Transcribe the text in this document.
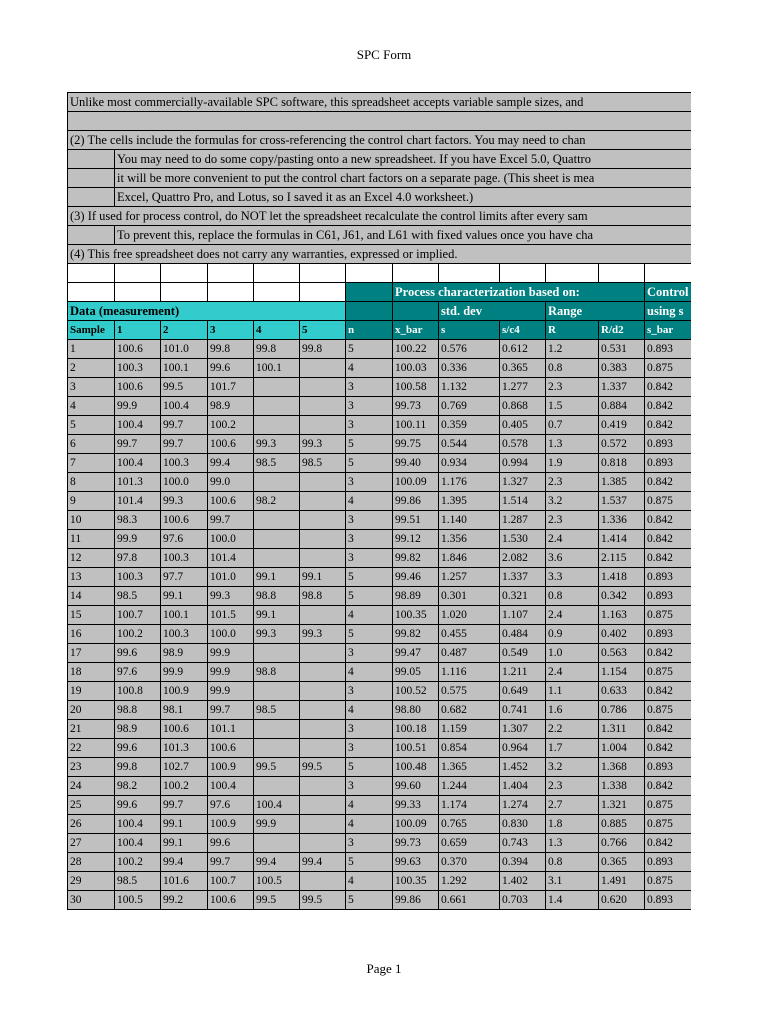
SPC Form
Unlike most commercially-available SPC software, this spreadsheet accepts variable sample sizes, and												

(2) The cells include the formulas for cross-referencing the control chart factors. You may need to chan												
	You may need to do some copy/pasting onto a new spreadsheet. If you have Excel 5.0, Quattro											
	it will be more convenient to put the control chart factors on a separate page. (This sheet is mea											
	Excel, Quattro Pro, and Lotus, so I saved it as an Excel 4.0 worksheet.)											
(3) If used for process control, do NOT let the spreadsheet recalculate the control limits after every sam												
	To prevent this, replace the formulas in C61, J61, and L61 with fixed values once you have cha											
(4) This free spreadsheet does not carry any warranties, expressed or implied.												

							Process characterization based on:					Control
Data (measurement)								std. dev		Range		using s
Sample	1	2	3	4	5	n	x_bar	s	s/c4	R	R/d2	s_bar
1	100.6	101.0	99.8	99.8	99.8	5	100.22	0.576	0.612	1.2	0.531	0.893
2	100.3	100.1	99.6	100.1		4	100.03	0.336	0.365	0.8	0.383	0.875
3	100.6	99.5	101.7			3	100.58	1.132	1.277	2.3	1.337	0.842
4	99.9	100.4	98.9			3	99.73	0.769	0.868	1.5	0.884	0.842
5	100.4	99.7	100.2			3	100.11	0.359	0.405	0.7	0.419	0.842
6	99.7	99.7	100.6	99.3	99.3	5	99.75	0.544	0.578	1.3	0.572	0.893
7	100.4	100.3	99.4	98.5	98.5	5	99.40	0.934	0.994	1.9	0.818	0.893
8	101.3	100.0	99.0			3	100.09	1.176	1.327	2.3	1.385	0.842
9	101.4	99.3	100.6	98.2		4	99.86	1.395	1.514	3.2	1.537	0.875
10	98.3	100.6	99.7			3	99.51	1.140	1.287	2.3	1.336	0.842
11	99.9	97.6	100.0			3	99.12	1.356	1.530	2.4	1.414	0.842
12	97.8	100.3	101.4			3	99.82	1.846	2.082	3.6	2.115	0.842
13	100.3	97.7	101.0	99.1	99.1	5	99.46	1.257	1.337	3.3	1.418	0.893
14	98.5	99.1	99.3	98.8	98.8	5	98.89	0.301	0.321	0.8	0.342	0.893
15	100.7	100.1	101.5	99.1		4	100.35	1.020	1.107	2.4	1.163	0.875
16	100.2	100.3	100.0	99.3	99.3	5	99.82	0.455	0.484	0.9	0.402	0.893
17	99.6	98.9	99.9			3	99.47	0.487	0.549	1.0	0.563	0.842
18	97.6	99.9	99.9	98.8		4	99.05	1.116	1.211	2.4	1.154	0.875
19	100.8	100.9	99.9			3	100.52	0.575	0.649	1.1	0.633	0.842
20	98.8	98.1	99.7	98.5		4	98.80	0.682	0.741	1.6	0.786	0.875
21	98.9	100.6	101.1			3	100.18	1.159	1.307	2.2	1.311	0.842
22	99.6	101.3	100.6			3	100.51	0.854	0.964	1.7	1.004	0.842
23	99.8	102.7	100.9	99.5	99.5	5	100.48	1.365	1.452	3.2	1.368	0.893
24	98.2	100.2	100.4			3	99.60	1.244	1.404	2.3	1.338	0.842
25	99.6	99.7	97.6	100.4		4	99.33	1.174	1.274	2.7	1.321	0.875
26	100.4	99.1	100.9	99.9		4	100.09	0.765	0.830	1.8	0.885	0.875
27	100.4	99.1	99.6			3	99.73	0.659	0.743	1.3	0.766	0.842
28	100.2	99.4	99.7	99.4	99.4	5	99.63	0.370	0.394	0.8	0.365	0.893
29	98.5	101.6	100.7	100.5		4	100.35	1.292	1.402	3.1	1.491	0.875
30	100.5	99.2	100.6	99.5	99.5	5	99.86	0.661	0.703	1.4	0.620	0.893
Page 1
